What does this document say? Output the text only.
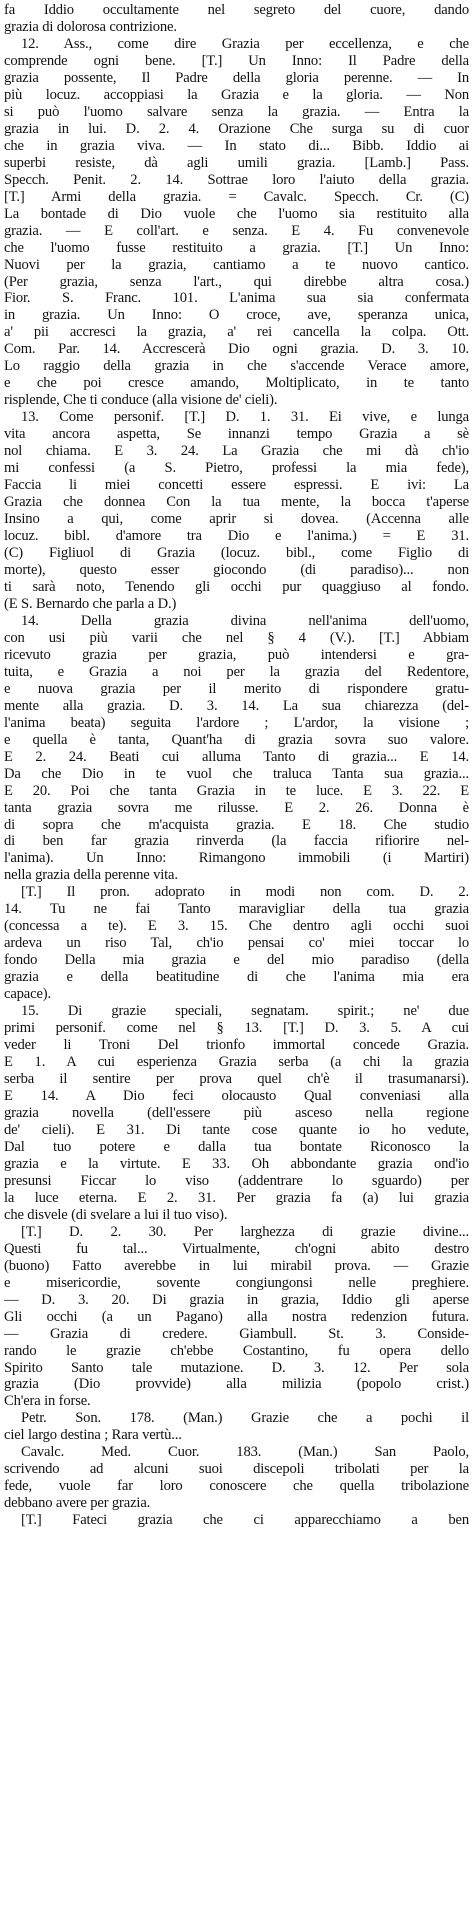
fa Iddio occultamente nel segreto del cuore, dando
grazia di dolorosa contrizione.
12. Ass., come dire Grazia per eccellenza, e che
comprende ogni bene. [T.] Un Inno: Il Padre della
grazia possente, Il Padre della gloria perenne. — In
più locuz. accoppiasi la Grazia e la gloria. — Non
si può l'uomo salvare senza la grazia. — Entra la
grazia in lui. D. 2. 4. Orazione Che surga su di cuor
che in grazia viva. — In stato di... Bibb. Iddio ai
superbi resiste, dà agli umili grazia. [Lamb.] Pass.
Specch. Penit. 2. 14. Sottrae loro l'aiuto della grazia.
[T.] Armi della grazia. = Cavalc. Specch. Cr. (C)
La bontade di Dio vuole che l'uomo sia restituito alla
grazia. — E coll'art. e senza. E 4. Fu convenevole
che l'uomo fusse restituito a grazia. [T.] Un Inno:
Nuovi per la grazia, cantiamo a te nuovo cantico.
(Per grazia, senza l'art., qui direbbe altra cosa.)
Fior. S. Franc. 101. L'anima sua sia confermata
in grazia. Un Inno: O croce, ave, speranza unica,
a' pii accresci la grazia, a' rei cancella la colpa. Ott.
Com. Par. 14. Accrescerà Dio ogni grazia. D. 3. 10.
Lo raggio della grazia in che s'accende Verace amore,
e che poi cresce amando, Moltiplicato, in te tanto
risplende, Che ti conduce (alla visione de' cieli).
13. Come personif. [T.] D. 1. 31. Ei vive, e lunga
vita ancora aspetta, Se innanzi tempo Grazia a sè
nol chiama. E 3. 24. La Grazia che mi dà ch'io
mi confessi (a S. Pietro, professi la mia fede),
Faccia li miei concetti essere espressi. E ivi: La
Grazia che donnea Con la tua mente, la bocca t'aperse
Insino a qui, come aprir si dovea. (Accenna alle
locuz. bibl. d'amore tra Dio e l'anima.) = E 31.
(C) Figliuol di Grazia (locuz. bibl., come Figlio di
morte), questo esser giocondo (di paradiso)... non
ti sarà noto, Tenendo gli occhi pur quaggiuso al fondo.
(E S. Bernardo che parla a D.)
14. Della grazia divina nell'anima dell'uomo,
con usi più varii che nel § 4 (V.). [T.] Abbiam
ricevuto grazia per grazia, può intendersi e gra-
tuita, e Grazia a noi per la grazia del Redentore,
e nuova grazia per il merito di rispondere gratu-
mente alla grazia. D. 3. 14. La sua chiarezza (del-
l'anima beata) seguita l'ardore ; L'ardor, la visione ;
e quella è tanta, Quant'ha di grazia sovra suo valore.
E 2. 24. Beati cui alluma Tanto di grazia... E 14.
Da che Dio in te vuol che traluca Tanta sua grazia...
E 20. Poi che tanta Grazia in te luce. E 3. 22. E
tanta grazia sovra me rilusse. E 2. 26. Donna è
di sopra che m'acquista grazia. E 18. Che studio
di ben far grazia rinverda (la faccia rifiorire nel-
l'anima). Un Inno: Rimangono immobili (i Martiri)
nella grazia della perenne vita.
[T.] Il pron. adoprato in modi non com. D. 2.
14. Tu ne fai Tanto maravigliar della tua grazia
(concessa a te). E 3. 15. Che dentro agli occhi suoi
ardeva un riso Tal, ch'io pensai co' miei toccar lo
fondo Della mia grazia e del mio paradiso (della
grazia e della beatitudine di che l'anima mia era
capace).
15. Di grazie speciali, segnatam. spirit.; ne' due
primi personif. come nel § 13. [T.] D. 3. 5. A cui
veder li Troni Del trionfo immortal concede Grazia.
E 1. A cui esperienza Grazia serba (a chi la grazia
serba il sentire per prova quel ch'è il trasumanarsi).
E 14. A Dio feci olocausto Qual conveniasi alla
grazia novella (dell'essere più asceso nella regione
de' cieli). E 31. Di tante cose quante io ho vedute,
Dal tuo potere e dalla tua bontate Riconosco la
grazia e la virtute. E 33. Oh abbondante grazia ond'io
presunsi Ficcar lo viso (addentrare lo sguardo) per
la luce eterna. E 2. 31. Per grazia fa (a) lui grazia
che disvele (di svelare a lui il tuo viso).
[T.] D. 2. 30. Per larghezza di grazie divine...
Questi fu tal... Virtualmente, ch'ogni abito destro
(buono) Fatto averebbe in lui mirabil prova. — Grazie
e misericordie, sovente congiungonsi nelle preghiere.
— D. 3. 20. Di grazia in grazia, Iddio gli aperse
Gli occhi (a un Pagano) alla nostra redenzion futura.
— Grazia di credere. Giambull. St. 3. Conside-
rando le grazie ch'ebbe Costantino, fu opera dello
Spirito Santo tale mutazione. D. 3. 12. Per sola
grazia (Dio provvide) alla milizia (popolo crist.)
Ch'era in forse.
Petr. Son. 178. (Man.) Grazie che a pochi il
ciel largo destina ; Rara vertù...
Cavalc. Med. Cuor. 183. (Man.) San Paolo,
scrivendo ad alcuni suoi discepoli tribolati per la
fede, vuole far loro conoscere che quella tribolazione
debbano avere per grazia.
[T.] Fateci grazia che ci apparecchiamo a ben
